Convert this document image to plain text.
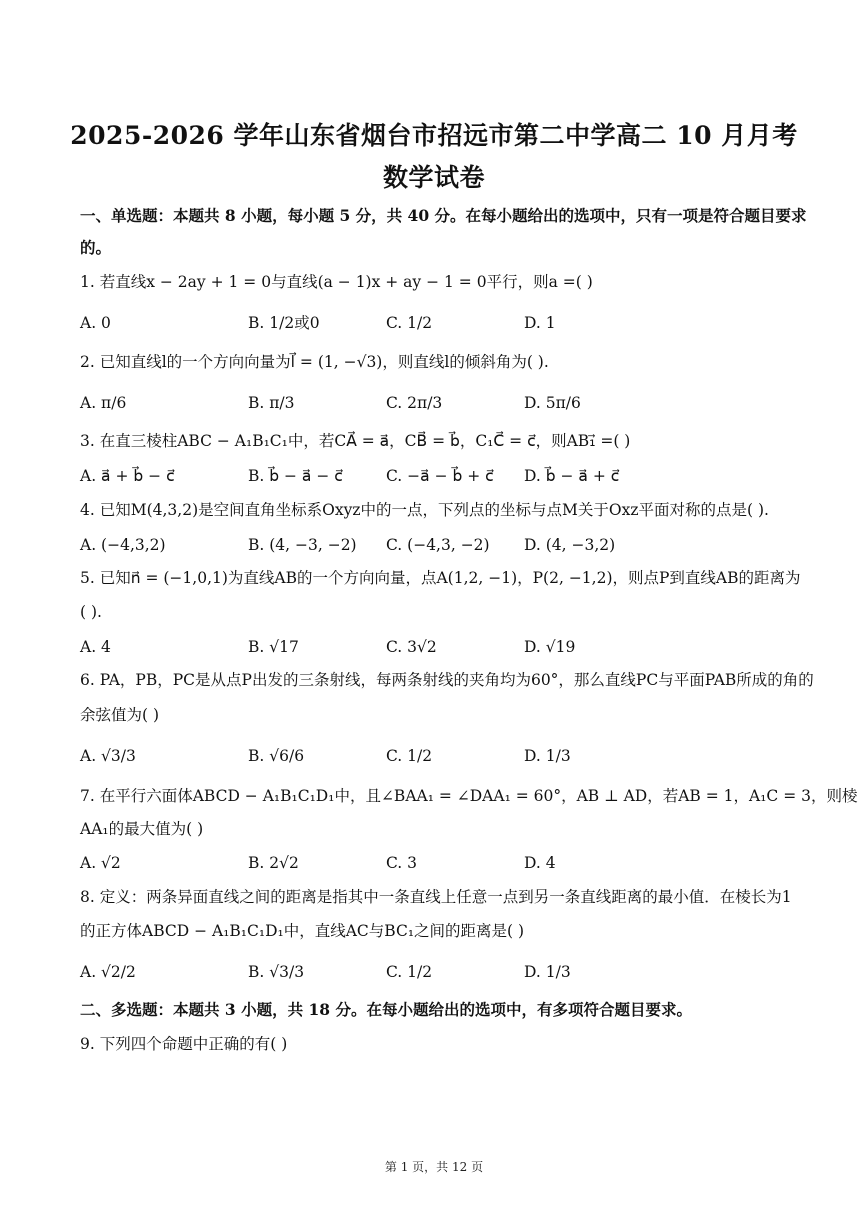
2025-2026 学年山东省烟台市招远市第二中学高二 10 月月考
数学试卷
一、单选题：本题共 8 小题，每小题 5 分，共 40 分。在每小题给出的选项中，只有一项是符合题目要求
的。
1. 若直线x − 2ay + 1 = 0与直线(a − 1)x + ay − 1 = 0平行，则a =( )
A. 0	B. 1/2或0	C. 1/2	D. 1
2. 已知直线l的一个方向向量为l⃗ = (1, −√3)，则直线l的倾斜角为( ).
A. π/6	B. π/3	C. 2π/3	D. 5π/6
3. 在直三棱柱ABC − A₁B₁C₁中，若CA⃗ = a⃗，CB⃗ = b⃗，C₁C⃗ = c⃗，则AB₁⃗ =( )
A. a⃗ + b⃗ − c⃗	B. b⃗ − a⃗ − c⃗	C. −a⃗ − b⃗ + c⃗ D. b⃗ − a⃗ + c⃗
4. 已知M(4,3,2)是空间直角坐标系Oxyz中的一点，下列点的坐标与点M关于Oxz平面对称的点是( ).
A. (−4,3,2)	B. (4, −3, −2) C. (−4,3, −2) D. (4, −3,2)
5. 已知n⃗ = (−1,0,1)为直线AB的一个方向向量，点A(1,2, −1)，P(2, −1,2)，则点P到直线AB的距离为
( ).
A. 4	B. √17	C. 3√2	D. √19
6. PA，PB，PC是从点P出发的三条射线，每两条射线的夹角均为60°，那么直线PC与平面PAB所成的角的
余弦值为( )
A. √3/3	B. √6/6	C. 1/2	D. 1/3
7. 在平行六面体ABCD − A₁B₁C₁D₁中，且∠BAA₁ = ∠DAA₁ = 60°，AB ⊥ AD，若AB = 1，A₁C = 3，则棱
AA₁的最大值为( )
A. √2	B. 2√2	C. 3	D. 4
8. 定义：两条异面直线之间的距离是指其中一条直线上任意一点到另一条直线距离的最小值．在棱长为1
的正方体ABCD − A₁B₁C₁D₁中，直线AC与BC₁之间的距离是( )
A. √2/2	B. √3/3	C. 1/2	D. 1/3
二、多选题：本题共 3 小题，共 18 分。在每小题给出的选项中，有多项符合题目要求。
9. 下列四个命题中正确的有( )
第 1 页，共 12 页
